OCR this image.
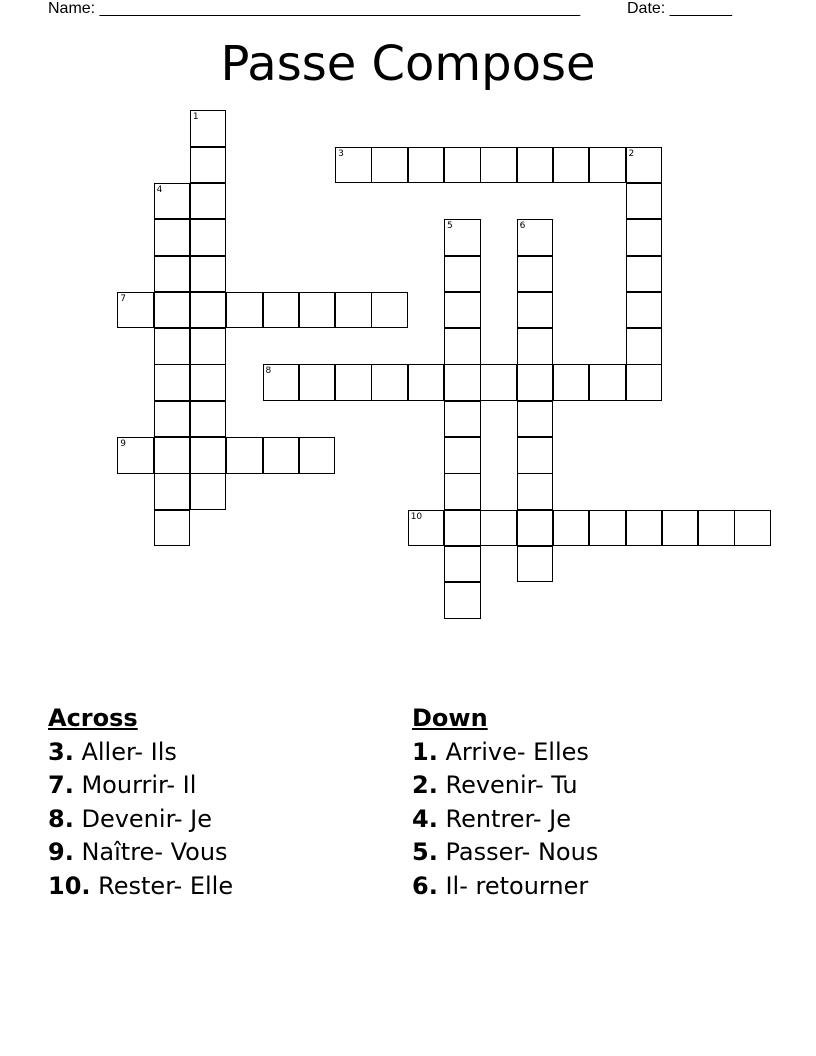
Name: ______________________________________________________	Date: _______
Passe Compose
1
2
4
5	6
3
7
8
9
10
Across
3. Aller- Ils
7. Mourrir- Il
8. Devenir- Je
9. Naître- Vous
10. Rester- Elle
Down
1. Arrive- Elles
2. Revenir- Tu
4. Rentrer- Je
5. Passer- Nous
6. Il- retourner
